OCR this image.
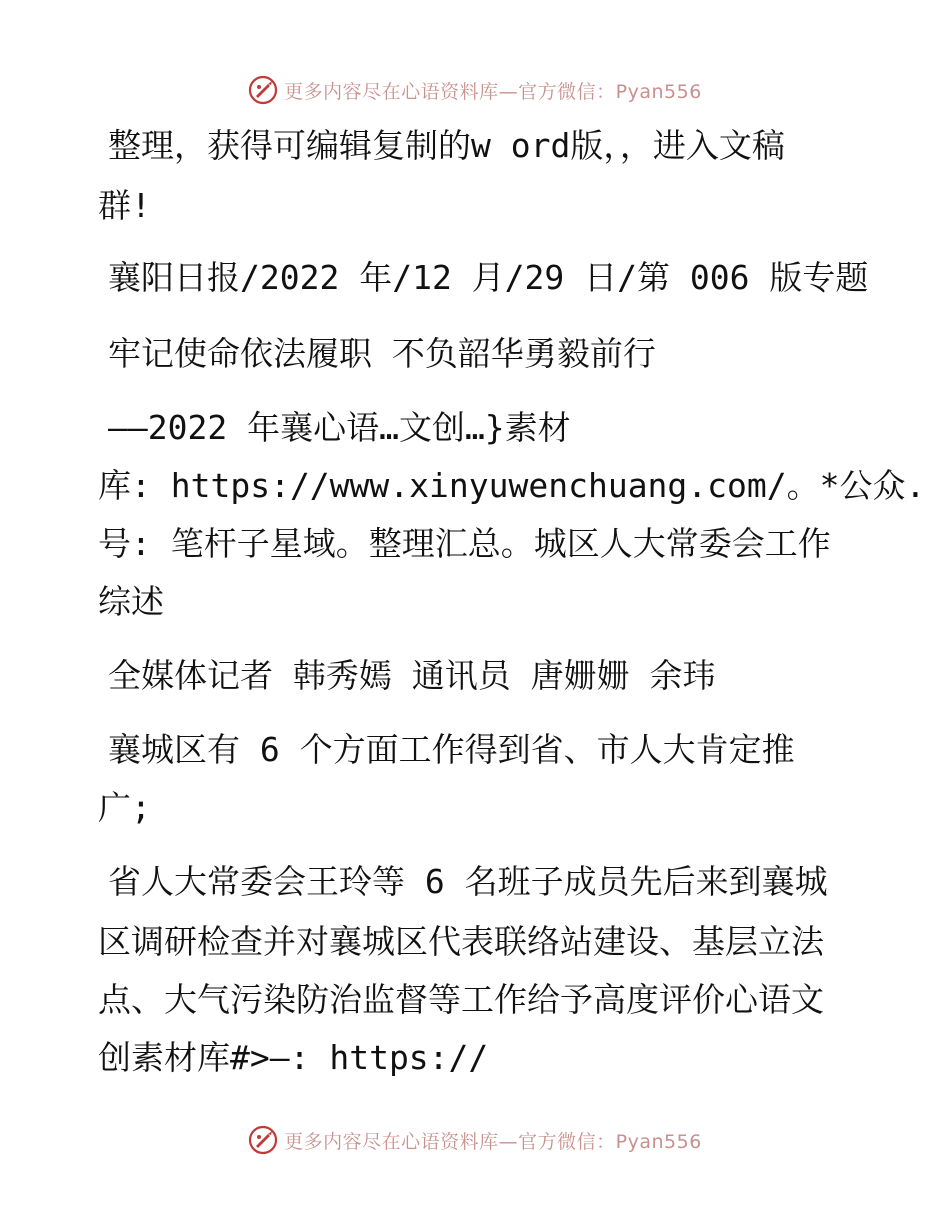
更多内容尽在心语资料库—官方微信：Pyan556
整理，获得可编辑复制的w ord版，，进入文稿
群!
襄阳日报/2022 年/12 月/29 日/第 006 版专题
牢记使命依法履职 不负韶华勇毅前行
——2022 年襄心语…文创…}素材
库: https://www.xinyuwenchuang.com/。*公众.
号: 笔杆子星域。整理汇总。城区人大常委会工作
综述
全媒体记者 韩秀嫣 通讯员 唐姗姗 余玮
襄城区有 6 个方面工作得到省、市人大肯定推
广;
省人大常委会王玲等 6 名班子成员先后来到襄城
区调研检查并对襄城区代表联络站建设、基层立法
点、大气污染防治监督等工作给予高度评价心语文
创素材库#>—: https://
更多内容尽在心语资料库—官方微信：Pyan556
